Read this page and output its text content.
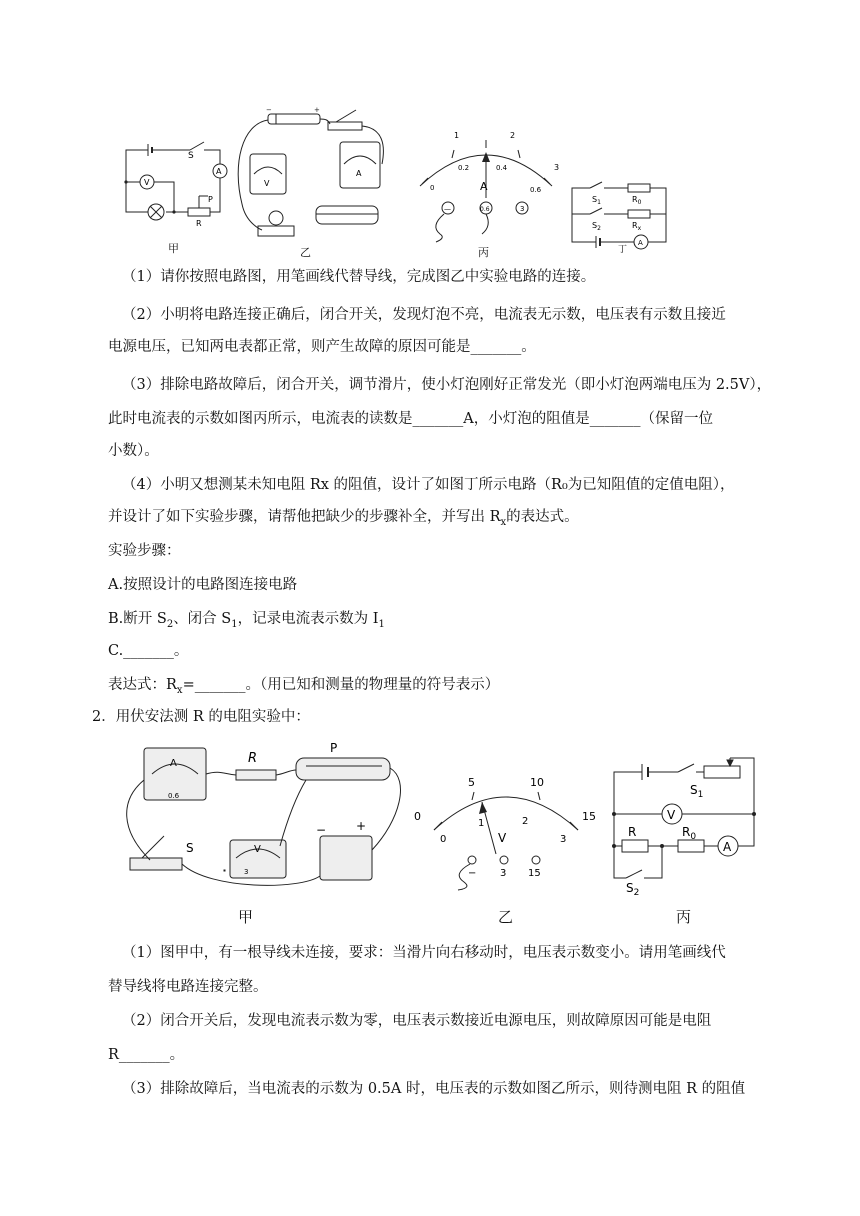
S
A
V
P
R
甲
−	+
V
A
乙
1	2
3
0
0.2	0.4
0.6
A
—	0.6	3
丙
$S_1$	$R_0$
$S_2$	$R_x$
A
丁
（1）请你按照电路图，用笔画线代替导线，完成图乙中实验电路的连接。
（2）小明将电路连接正确后，闭合开关，发现灯泡不亮，电流表无示数，电压表有示数且接近
电源电压，已知两电表都正常，则产生故障的原因可能是_______。
（3）排除电路故障后，闭合开关，调节滑片，使小灯泡刚好正常发光（即小灯泡两端电压为 2.5V），
此时电流表的示数如图丙所示，电流表的读数是_______A，小灯泡的阻值是_______（保留一位
小数）。
（4）小明又想测某未知电阻 Rx 的阻值，设计了如图丁所示电路（R₀为已知阻值的定值电阻），
并设计了如下实验步骤，请帮他把缺少的步骤补全，并写出 $R_x$的表达式。
实验步骤：
A.按照设计的电路图连接电路
B.断开 $S_2$、闭合 $S_1$，记录电流表示数为 $I_1$
C._______。
表达式：$R_x=\_\_\_\_\_\_\_$。（用已知和测量的物理量的符号表示）
2．用伏安法测 R 的电阻实验中：
A
0.6
V
3
R
P
S
− +
甲
0
5	10
15
0
1	2
3
V
− 3 15
乙
$S_1$
V
R	$R_0$
A
$S_2$
丙
（1）图甲中，有一根导线未连接，要求：当滑片向右移动时，电压表示数变小。请用笔画线代
替导线将电路连接完整。
（2）闭合开关后，发现电流表示数为零，电压表示数接近电源电压，则故障原因可能是电阻
R_______。
（3）排除故障后，当电流表的示数为 0.5A 时，电压表的示数如图乙所示，则待测电阻 R 的阻值
